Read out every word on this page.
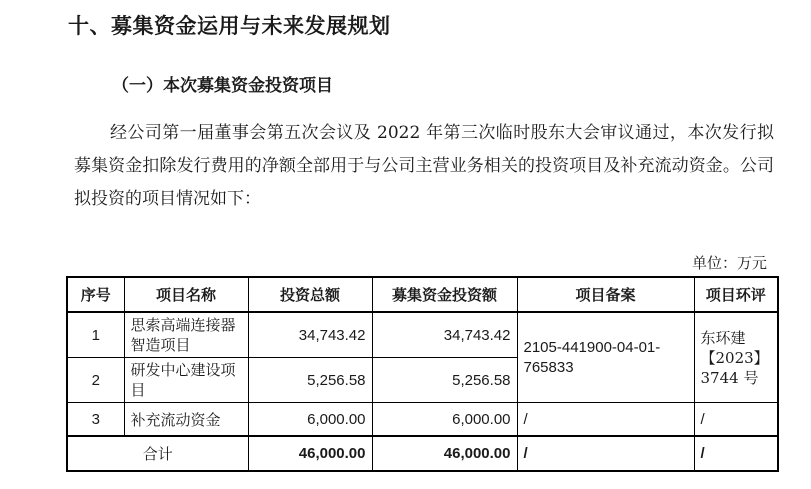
十、募集资金运用与未来发展规划
（一）本次募集资金投资项目
经公司第一届董事会第五次会议及 2022 年第三次临时股东大会审议通过，本次发行拟募集资金扣除发行费用的净额全部用于与公司主营业务相关的投资项目及补充流动资金。公司拟投资的项目情况如下：
单位：万元
序号	项目名称	投资总额	募集资金投资额	项目备案	项目环评
1	思索高端连接器智造项目	34,743.42	34,743.42	2105-441900-04-01-765833	东环建【2023】3744 号
2	研发中心建设项目	5,256.58	5,256.58		
3	补充流动资金	6,000.00	6,000.00	/	/
合计		46,000.00	46,000.00	/	/
